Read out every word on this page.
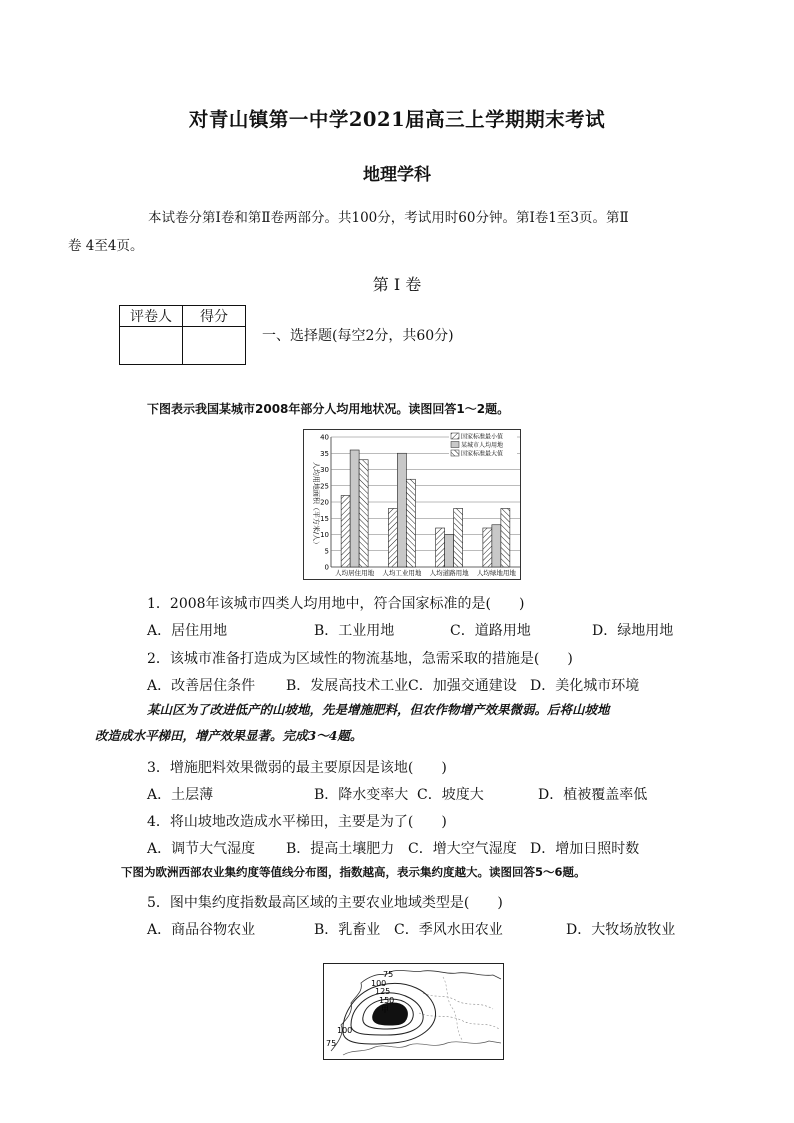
对青山镇第一中学2021届高三上学期期末考试
地理学科
本试卷分第Ⅰ卷和第Ⅱ卷两部分。共100分，考试用时60分钟。第Ⅰ卷1至3页。第Ⅱ
卷 4至4页。
第 Ⅰ 卷
评卷人	得分

一、选择题(每空2分，共60分)
下图表示我国某城市2008年部分人均用地状况。读图回答1～2题。
0
5
10
15
20
25
30
35
40
人均居住用地 人均工业用地 人均道路用地 人均绿地用地
人均用地面积（平方米/人）
国家标准最小值
某城市人均用地
国家标准最大值
1．2008年该城市四类人均用地中，符合国家标准的是(　　)
A．居住用地	B．工业用地	C．道路用地	D．绿地用地
2．该城市准备打造成为区域性的物流基地，急需采取的措施是(　　)
A．改善居住条件 B．发展高技术工业 C．加强交通建设 D．美化城市环境
某山区为了改进低产的山坡地，先是增施肥料，但农作物增产效果微弱。后将山坡地
改造成水平梯田，增产效果显著。完成3～4题。
3．增施肥料效果微弱的最主要原因是该地(　　)
A．土层薄	B．降水变率大 C．坡度大	D．植被覆盖率低
4．将山坡地改造成水平梯田，主要是为了(　　)
A．调节大气湿度 B．提高土壤肥力 C．增大空气湿度 D．增加日照时数
下图为欧洲西部农业集约度等值线分布图，指数越高，表示集约度越大。读图回答5～6题。
5．图中集约度指数最高区域的主要农业地域类型是(　　)
A．商品谷物农业	B．乳畜业 C．季风水田农业	D．大牧场放牧业
75
100
125
150
甲
100
75
